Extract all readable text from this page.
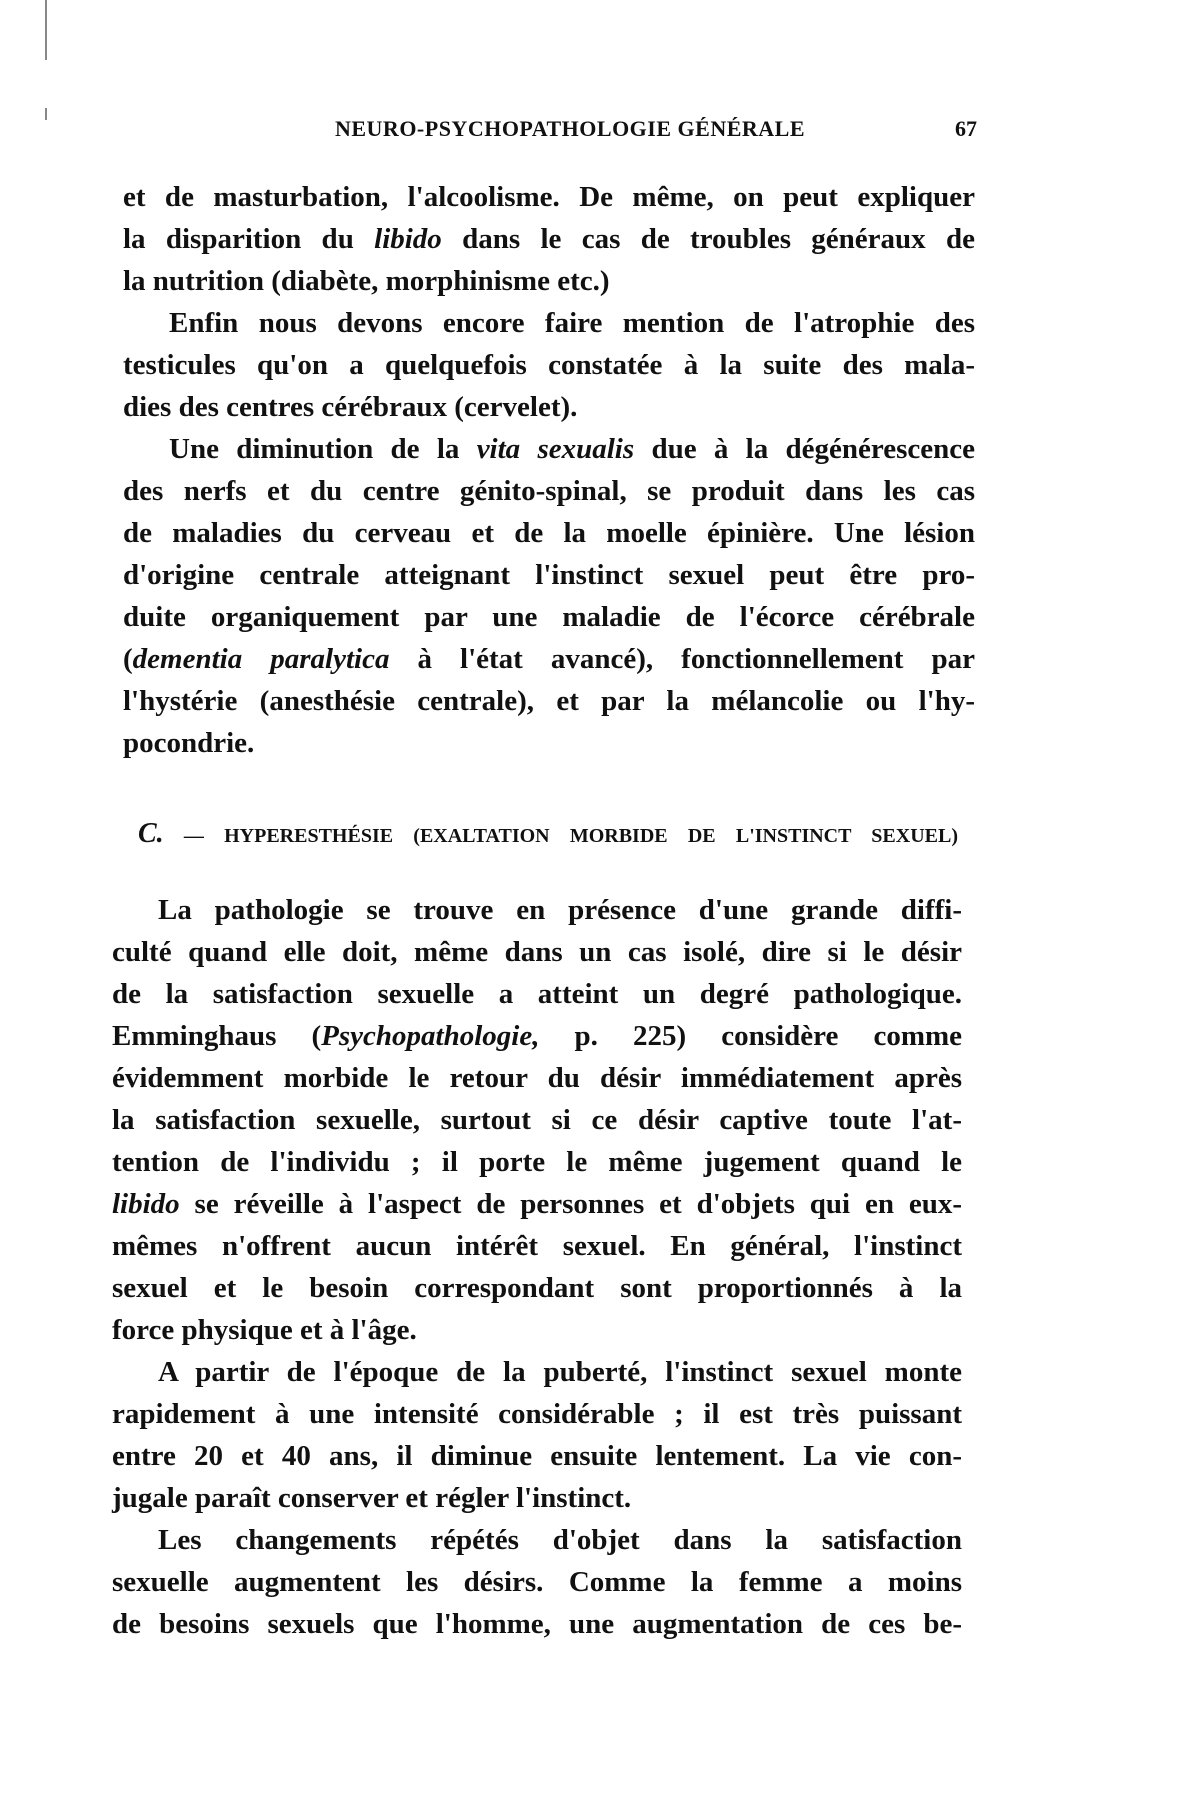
NEURO-PSYCHOPATHOLOGIE GÉNÉRALE	67
et de masturbation, l'alcoolisme. De même, on peut expliquer
la disparition du libido dans le cas de troubles généraux de
la nutrition (diabète, morphinisme etc.)
Enfin nous devons encore faire mention de l'atrophie des
testicules qu'on a quelquefois constatée à la suite des mala-
dies des centres cérébraux (cervelet).
Une diminution de la vita sexualis due à la dégénérescence
des nerfs et du centre génito-spinal, se produit dans les cas
de maladies du cerveau et de la moelle épinière. Une lésion
d'origine centrale atteignant l'instinct sexuel peut être pro-
duite organiquement par une maladie de l'écorce cérébrale
(dementia paralytica à l'état avancé), fonctionnellement par
l'hystérie (anesthésie centrale), et par la mélancolie ou l'hy-
pocondrie.
C. — HYPERESTHÉSIE (EXALTATION MORBIDE DE L'INSTINCT SEXUEL)
La pathologie se trouve en présence d'une grande diffi-
culté quand elle doit, même dans un cas isolé, dire si le désir
de la satisfaction sexuelle a atteint un degré pathologique.
Emminghaus (Psychopathologie, p. 225) considère comme
évidemment morbide le retour du désir immédiatement après
la satisfaction sexuelle, surtout si ce désir captive toute l'at-
tention de l'individu ; il porte le même jugement quand le
libido se réveille à l'aspect de personnes et d'objets qui en eux-
mêmes n'offrent aucun intérêt sexuel. En général, l'instinct
sexuel et le besoin correspondant sont proportionnés à la
force physique et à l'âge.
A partir de l'époque de la puberté, l'instinct sexuel monte
rapidement à une intensité considérable ; il est très puissant
entre 20 et 40 ans, il diminue ensuite lentement. La vie con-
jugale paraît conserver et régler l'instinct.
Les changements répétés d'objet dans la satisfaction
sexuelle augmentent les désirs. Comme la femme a moins
de besoins sexuels que l'homme, une augmentation de ces be-
